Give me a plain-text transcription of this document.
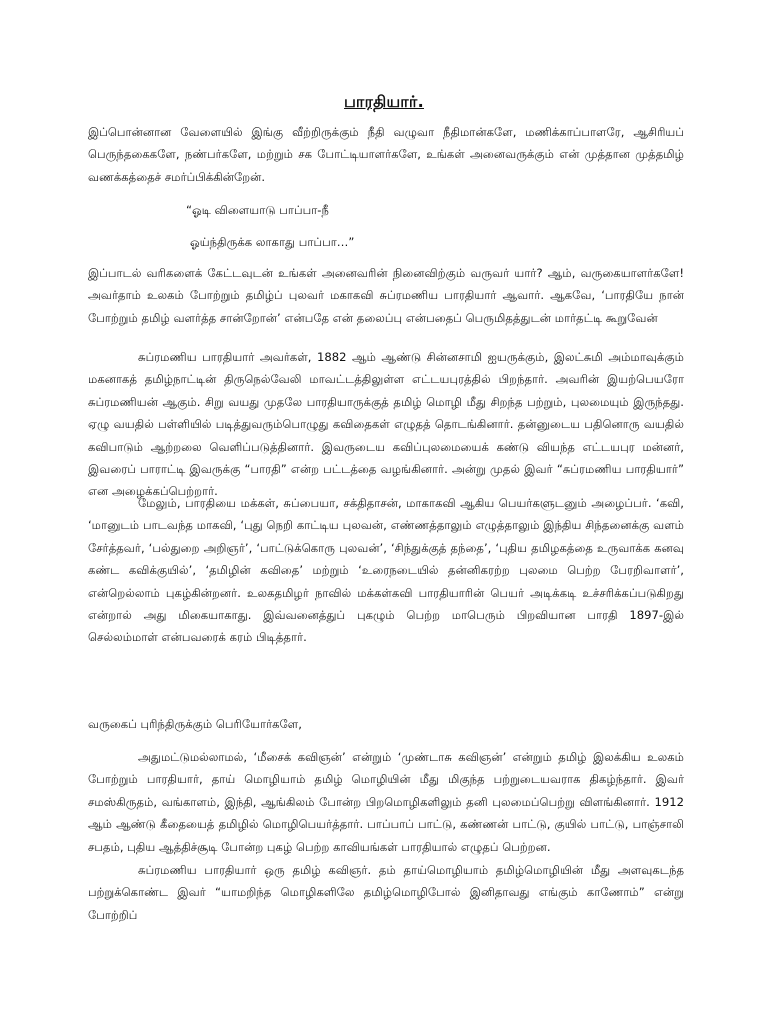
பாரதியார்.

இப்பொன்னான வேளையில் இங்கு வீற்றிருக்கும் நீதி வழுவா நீதிமான்களே, மணிக்காப்பாளரே, ஆசிரியப் பெருந்தகைகளே, நண்பர்களே, மற்றும் சக போட்டியாளர்களே, உங்கள் அனைவருக்கும் என் முத்தான முத்தமிழ் வணக்கத்தைச் சமர்ப்பிக்கின்றேன்.

“ஓடி விளையாடு பாப்பா-நீ

ஓய்ந்திருக்க லாகாது பாப்பா…”

இப்பாடல் வரிகளைக் கேட்டவுடன் உங்கள் அனைவரின் நினைவிற்கும் வருவர் யார்? ஆம், வருகையாளர்களே! அவர்தாம் உலகம் போற்றும் தமிழ்ப் புலவர் மகாகவி சுப்ரமணிய பாரதியார் ஆவார். ஆகவே, ‘பாரதியே நான் போற்றும் தமிழ் வளர்த்த சான்றோன்’ என்பதே என் தலைப்பு என்பதைப் பெருமிதத்துடன் மார்தட்டி கூறுவேன்

சுப்ரமணிய பாரதியார் அவர்கள், 1882 ஆம் ஆண்டு சின்னசாமி ஐயருக்கும், இலட்சுமி அம்மாவுக்கும் மகனாகத் தமிழ்நாட்டின் திருநெல்வேலி மாவட்டத்திலுள்ள எட்டயபுரத்தில் பிறந்தார். அவரின் இயற்பெயரோ சுப்ரமணியன் ஆகும். சிறு வயது முதலே பாரதியாருக்குத் தமிழ் மொழி மீது சிறந்த பற்றும், புலமையும் இருந்தது. ஏழு வயதில் பள்ளியில் படித்துவரும்பொழுது கவிதைகள் எழுதத் தொடங்கினார். தன்னுடைய பதினொரு வயதில் கவிபாடும் ஆற்றலை வெளிப்படுத்தினார். இவருடைய கவிப்புலமையைக் கண்டு வியந்த எட்டயபுர மன்னர், இவரைப் பாராட்டி இவருக்கு “பாரதி” என்ற பட்டத்தை வழங்கினார். அன்று முதல் இவர் “சுப்ரமணிய பாரதியார்” என அழைக்கப்பெற்றார்.

மேலும், பாரதியை மக்கள், சுப்பையா, சக்திதாசன், மாகாகவி ஆகிய பெயர்களுடனும் அழைப்பர். ‘கவி, ‘மானுடம் பாடவந்த மாகவி, ‘புது நெறி காட்டிய புலவன், எண்ணத்தாலும் எழுத்தாலும் இந்திய சிந்தனைக்கு வளம் சேர்த்தவர், ‘பல்துறை அறிஞர்’, ‘பாட்டுக்கொரு புலவன்’, ‘சிந்துக்குத் தந்தை’, ‘புதிய தமிழகத்தை உருவாக்க கனவு கண்ட கவிக்குயில்’, ‘தமிழின் கவிதை’ மற்றும் ‘உரைநடையில் தன்னிகரற்ற புலமை பெற்ற பேரறிவாளர்’, என்றெல்லாம் புகழ்கின்றனர். உலகதமிழர் நாவில் மக்கள்கவி பாரதியாரின் பெயர் அடிக்கடி உச்சரிக்கப்படுகிறது என்றால் அது மிகையாகாது. இவ்வனைத்துப் புகழும் பெற்ற மாபெரும் பிறவியான பாரதி 1897-இல் செல்லம்மாள் என்பவரைக் கரம் பிடித்தார்.

வருகைப் புரிந்திருக்கும் பெரியோர்களே,

அதுமட்டுமல்லாமல், ‘மீசைக் கவிஞன்’ என்றும் ‘முண்டாசு கவிஞன்’ என்றும் தமிழ் இலக்கிய உலகம் போற்றும் பாரதியார், தாய் மொழியாம் தமிழ் மொழியின் மீது மிகுந்த பற்றுடையவராக திகழ்ந்தார். இவர் சமஸ்கிருதம், வங்காளம், இந்தி, ஆங்கிலம் போன்ற பிறமொழிகளிலும் தனி புலமைப்பெற்று விளங்கினார். 1912 ஆம் ஆண்டு கீதையைத் தமிழில் மொழிபெயர்த்தார். பாப்பாப் பாட்டு, கண்ணன் பாட்டு, குயில் பாட்டு, பாஞ்சாலி சபதம், புதிய ஆத்திச்சூடி போன்ற புகழ் பெற்ற காவியங்கள் பாரதியால் எழுதப் பெற்றன.

சுப்ரமணிய பாரதியார் ஒரு தமிழ் கவிஞர். தம் தாய்மொழியாம் தமிழ்மொழியின் மீது அளவுகடந்த பற்றுக்கொண்ட இவர் “யாமறிந்த மொழிகளிலே தமிழ்மொழிபோல் இனிதாவது எங்கும் காணோம்” என்று போற்றிப்
